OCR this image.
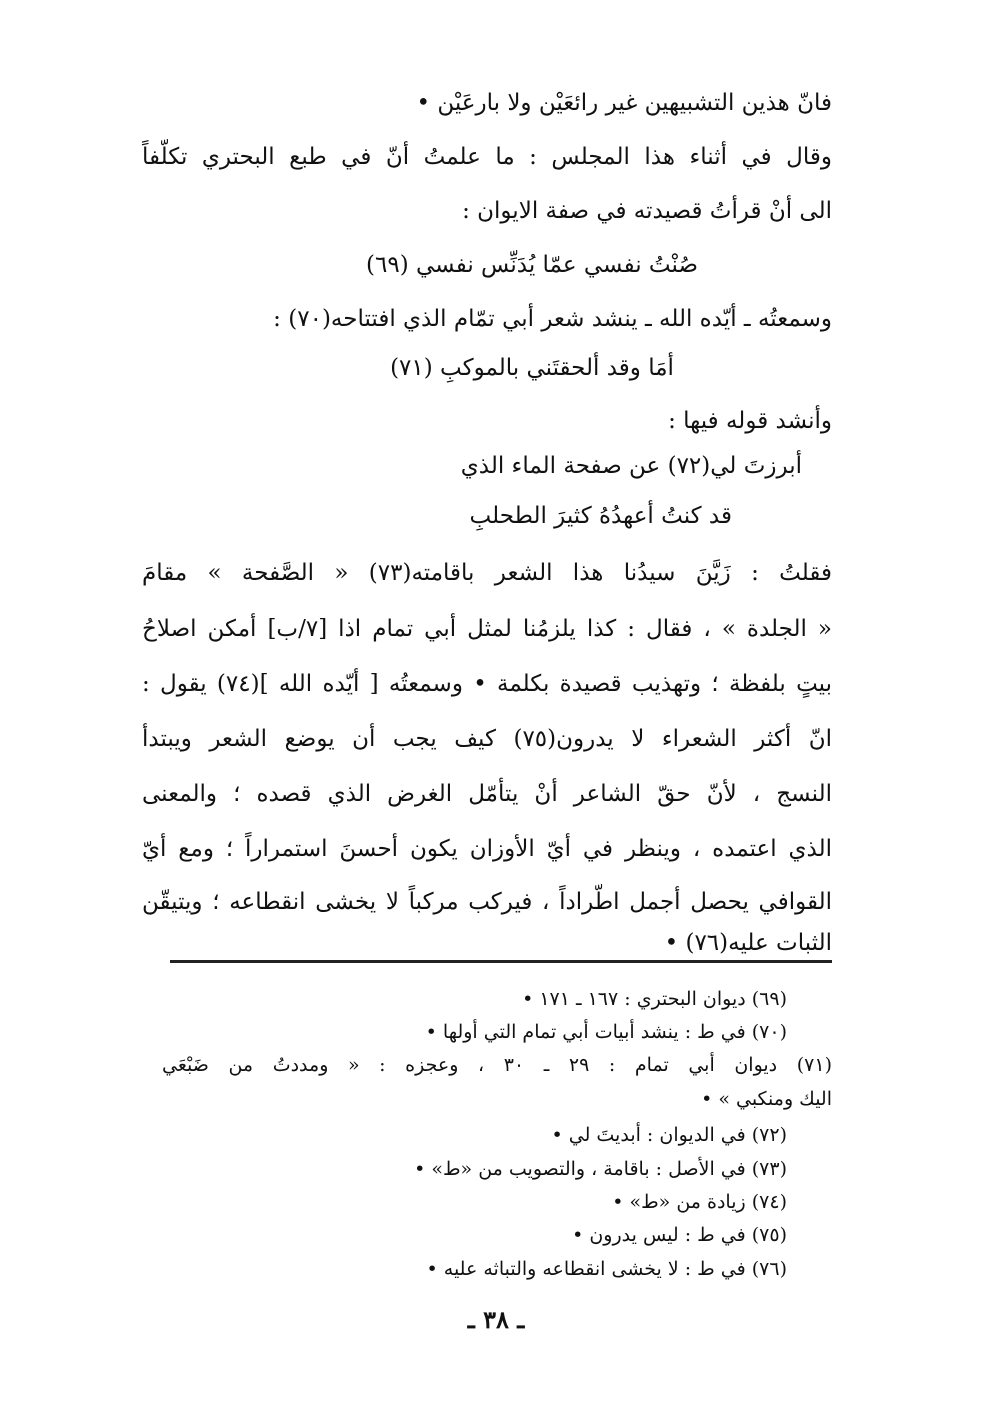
فانّ هذين التشبيهين غير رائعَيْن ولا بارعَيْن •
وقال في أثناء هذا المجلس : ما علمتُ أنّ في طبع البحتري تكلّفاً
الى أنْ قرأتُ قصيدته في صفة الايوان :
صُنْتُ نفسي عمّا يُدَنِّس نفسي (٦٩)
وسمعتُه ـ أيّده الله ـ ينشد شعر أبي تمّام الذي افتتاحه(٧٠) :
أمَا وقد ألحقتَني بالموكبِ (٧١)
وأنشد قوله فيها :
أبرزتَ لي(٧٢) عن صفحة الماء الذي
قد كنتُ أعهدُهُ كثيرَ الطحلبِ
فقلتُ : زَيَّنَ سيدُنا هذا الشعر باقامته(٧٣) « الصَّفحة » مقامَ
« الجلدة » ، فقال : كذا يلزمُنا لمثل أبي تمام اذا [٧/ب] أمكن اصلاحُ
بيتٍ بلفظة ؛ وتهذيب قصيدة بكلمة • وسمعتُه [ أيّده الله ](٧٤) يقول :
انّ أكثر الشعراء لا يدرون(٧٥) كيف يجب أن يوضع الشعر ويبتدأ
النسج ، لأنّ حقّ الشاعر أنْ يتأمّل الغرض الذي قصده ؛ والمعنى
الذي اعتمده ، وينظر في أيّ الأوزان يكون أحسنَ استمراراً ؛ ومع أيّ
القوافي يحصل أجمل اطّراداً ، فيركب مركباً لا يخشى انقطاعه ؛ ويتيقّن
الثبات عليه(٧٦) •
(٦٩) ديوان البحتري : ١٦٧ ـ ١٧١ •
(٧٠) في ط : ينشد أبيات أبي تمام التي أولها •
(٧١) ديوان أبي تمام : ٢٩ ـ ٣٠ ، وعجزه : « ومددتُ من ضَبْعَي
اليك ومنكبي » •
(٧٢) في الديوان : أبديتَ لي •
(٧٣) في الأصل : باقامة ، والتصويب من «ط» •
(٧٤) زيادة من «ط» •
(٧٥) في ط : ليس يدرون •
(٧٦) في ط : لا يخشى انقطاعه والتباثه عليه •
ـ ٣٨ ـ
